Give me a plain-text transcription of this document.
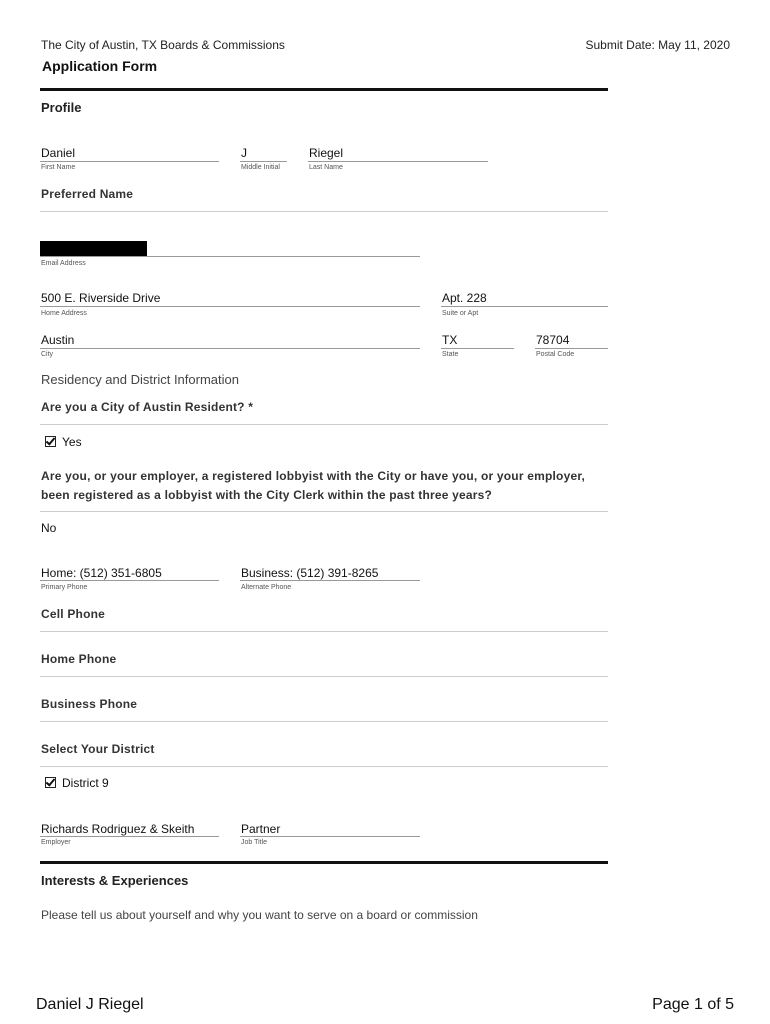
The City of Austin, TX Boards & Commissions	Submit Date: May 11, 2020
Application Form
Profile
Daniel
First Name
J
Middle Initial
Riegel
Last Name
Preferred Name
Email Address
500 E. Riverside Drive
Home Address
Apt. 228
Suite or Apt
Austin
City
TX
State
78704
Postal Code
Residency and District Information
Are you a City of Austin Resident? *
Yes
Are you, or your employer, a registered lobbyist with the City or have you, or your employer,
been registered as a lobbyist with the City Clerk within the past three years?
No
Home: (512) 351-6805
Primary Phone
Business: (512) 391-8265
Alternate Phone
Cell Phone
Home Phone
Business Phone
Select Your District
District 9
Richards Rodriguez & Skeith
Employer
Partner
Job Title
Interests & Experiences
Please tell us about yourself and why you want to serve on a board or commission
Daniel J Riegel	Page 1 of 5
